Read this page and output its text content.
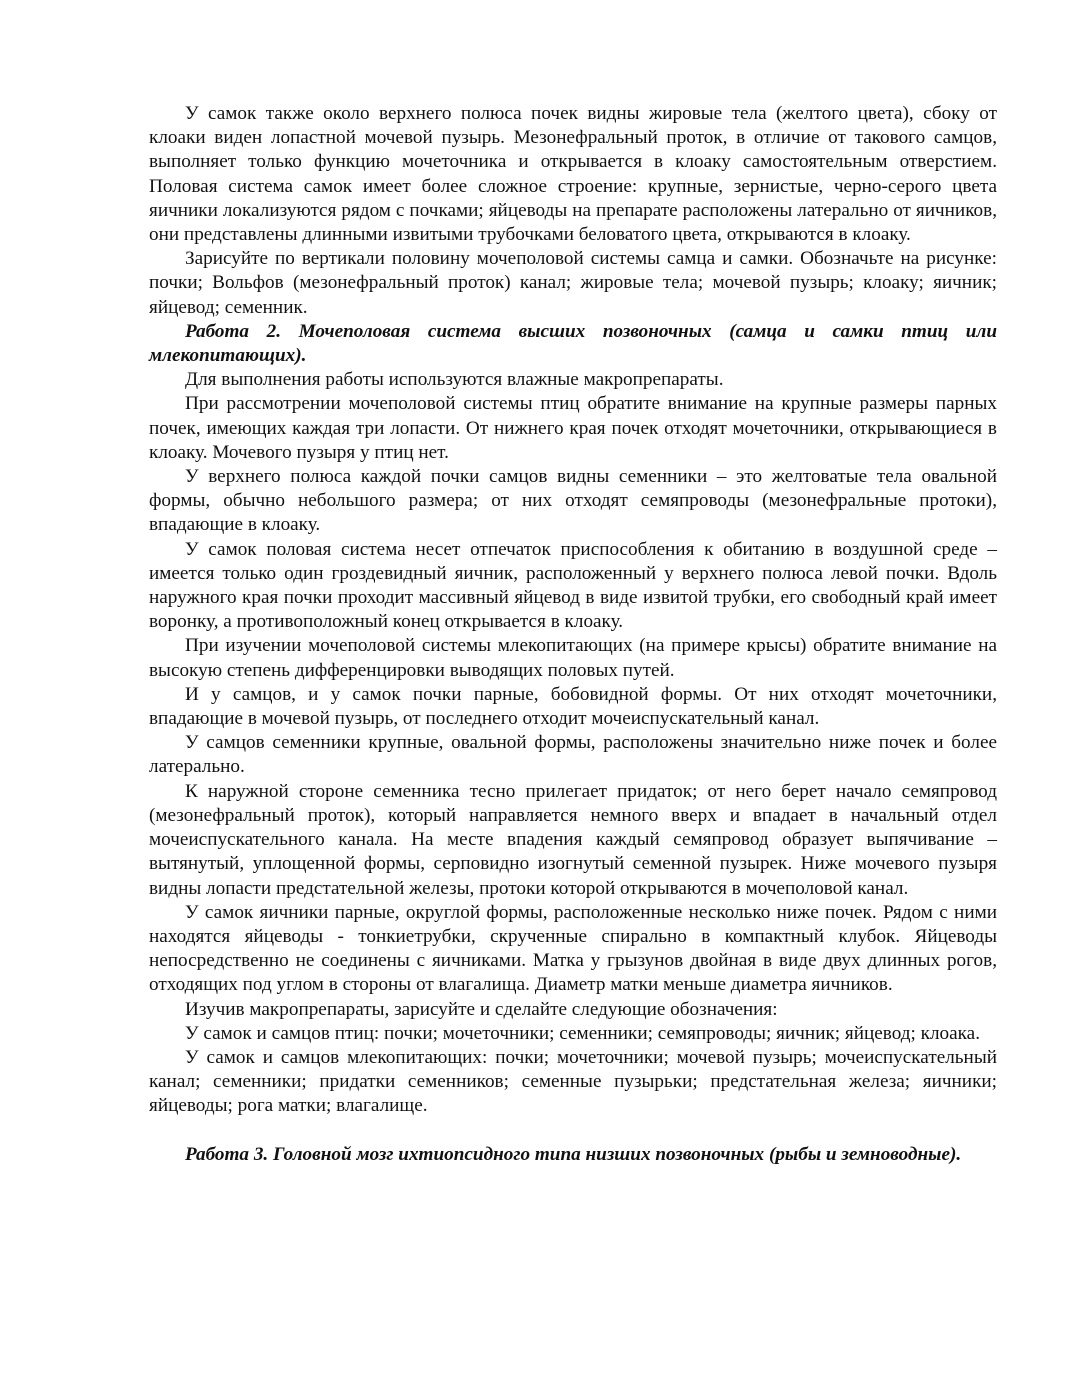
У самок также около верхнего полюса почек видны жировые тела (желтого цвета), сбоку от клоаки виден лопастной мочевой пузырь. Мезонефральный проток, в отличие от такового самцов, выполняет только функцию мочеточника и открывается в клоаку самостоятельным отверстием. Половая система самок имеет более сложное строение: крупные, зернистые, черно-серого цвета яичники локализуются рядом с почками; яйцеводы на препарате расположены латерально от яичников, они представлены длинными извитыми трубочками беловатого цвета, открываются в клоаку.

Зарисуйте по вертикали половину мочеполовой системы самца и самки. Обозначьте на рисунке: почки; Вольфов (мезонефральный проток) канал; жировые тела; мочевой пузырь; клоаку; яичник; яйцевод; семенник.

Работа 2. Мочеполовая система высших позвоночных (самца и самки птиц или млекопитающих).

Для выполнения работы используются влажные макропрепараты.

При рассмотрении мочеполовой системы птиц обратите внимание на крупные размеры парных почек, имеющих каждая три лопасти. От нижнего края почек отходят мочеточники, открывающиеся в клоаку. Мочевого пузыря у птиц нет.

У верхнего полюса каждой почки самцов видны семенники – это желтоватые тела овальной формы, обычно небольшого размера; от них отходят семяпроводы (мезонефральные протоки), впадающие в клоаку.

У самок половая система несет отпечаток приспособления к обитанию в воздушной среде – имеется только один гроздевидный яичник, расположенный у верхнего полюса левой почки. Вдоль наружного края почки проходит массивный яйцевод в виде извитой трубки, его свободный край имеет воронку, а противоположный конец открывается в клоаку.

При изучении мочеполовой системы млекопитающих (на примере крысы) обратите внимание на высокую степень дифференцировки выводящих половых путей.

И у самцов, и у самок почки парные, бобовидной формы. От них отходят мочеточники, впадающие в мочевой пузырь, от последнего отходит мочеиспускательный канал.

У самцов семенники крупные, овальной формы, расположены значительно ниже почек и более латерально.

К наружной стороне семенника тесно прилегает придаток; от него берет начало семяпровод (мезонефральный проток), который направляется немного вверх и впадает в начальный отдел мочеиспускательного канала. На месте впадения каждый семяпровод образует выпячивание – вытянутый, уплощенной формы, серповидно изогнутый семенной пузырек. Ниже мочевого пузыря видны лопасти предстательной железы, протоки которой открываются в мочеполовой канал.

У самок яичники парные, округлой формы, расположенные несколько ниже почек. Рядом с ними находятся яйцеводы - тонкиетрубки, скрученные спирально в компактный клубок. Яйцеводы непосредственно не соединены с яичниками. Матка у грызунов двойная в виде двух длинных рогов, отходящих под углом в стороны от влагалища. Диаметр матки меньше диаметра яичников.

Изучив макропрепараты, зарисуйте и сделайте следующие обозначения:

У самок и самцов птиц: почки; мочеточники; семенники; семяпроводы; яичник; яйцевод; клоака.

У самок и самцов млекопитающих: почки; мочеточники; мочевой пузырь; мочеиспускательный канал; семенники; придатки семенников; семенные пузырьки; предстательная железа; яичники; яйцеводы; рога матки; влагалище.

Работа 3. Головной мозг ихтиопсидного типа низших позвоночных (рыбы и земноводные).
